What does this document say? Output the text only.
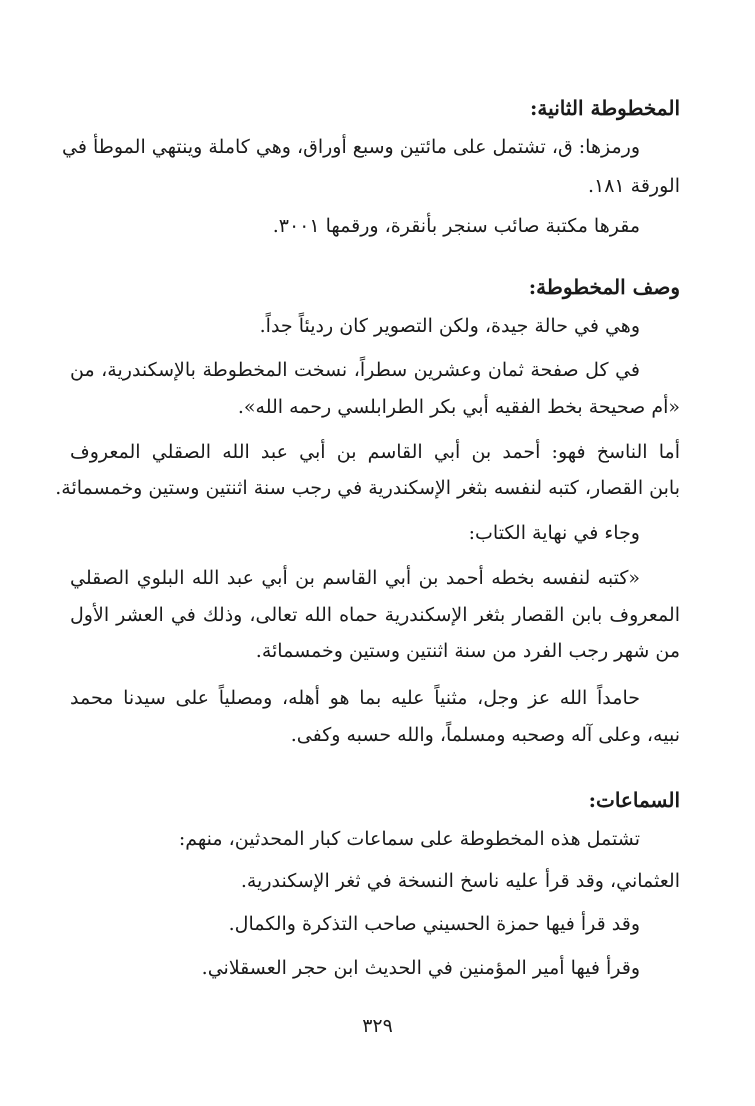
المخطوطة الثانية:
ورمزها: ق، تشتمل على مائتين وسبع أوراق، وهي كاملة وينتهي الموطأ في
الورقة ١٨١.
مقرها مكتبة صائب سنجر بأنقرة، ورقمها ٣٠٠١.
وصف المخطوطة:
وهي في حالة جيدة، ولكن التصوير كان رديئاً جداً.
في كل صفحة ثمان وعشرين سطراً، نسخت المخطوطة بالإسكندرية، من
«أم صحيحة بخط الفقيه أبي بكر الطرابلسي رحمه الله».
أما الناسخ فهو: أحمد بن أبي القاسم بن أبي عبد الله الصقلي المعروف
بابن القصار، كتبه لنفسه بثغر الإسكندرية في رجب سنة اثنتين وستين وخمسمائة.
وجاء في نهاية الكتاب:
«كتبه لنفسه بخطه أحمد بن أبي القاسم بن أبي عبد الله البلوي الصقلي
المعروف بابن القصار بثغر الإسكندرية حماه الله تعالى، وذلك في العشر الأول
من شهر رجب الفرد من سنة اثنتين وستين وخمسمائة.
حامداً الله عز وجل، مثنياً عليه بما هو أهله، ومصلياً على سيدنا محمد
نبيه، وعلى آله وصحبه ومسلماً، والله حسبه وكفى.
السماعات:
تشتمل هذه المخطوطة على سماعات كبار المحدثين، منهم:
العثماني، وقد قرأ عليه ناسخ النسخة في ثغر الإسكندرية.
وقد قرأ فيها حمزة الحسيني صاحب التذكرة والكمال.
وقرأ فيها أمير المؤمنين في الحديث ابن حجر العسقلاني.
٣٢٩
